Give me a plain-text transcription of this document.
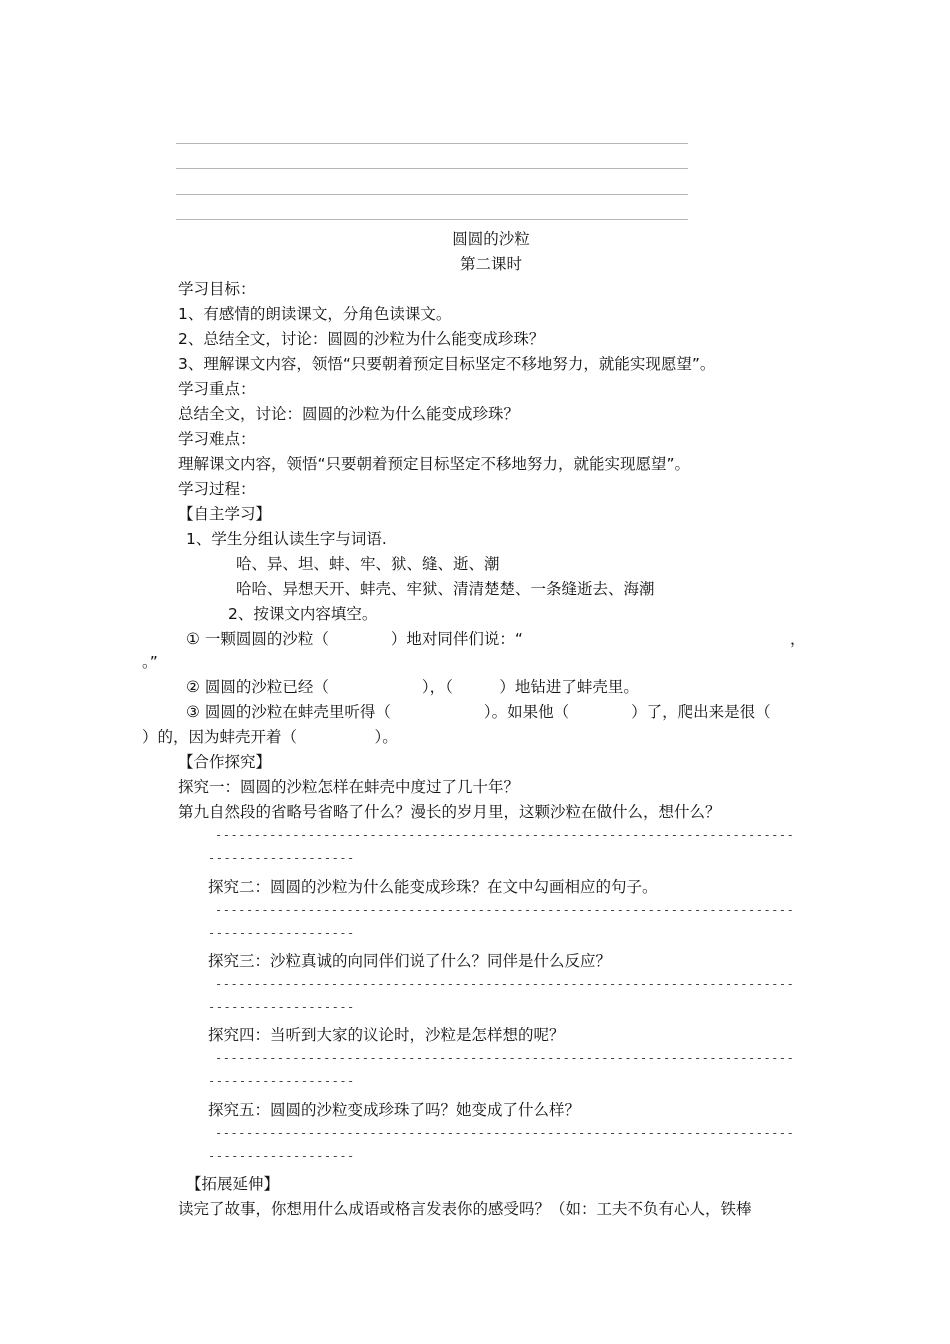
圆圆的沙粒
第二课时
学习目标：
1、有感情的朗读课文，分角色读课文。
2、总结全文，讨论：圆圆的沙粒为什么能变成珍珠？
3、理解课文内容，领悟“只要朝着预定目标坚定不移地努力，就能实现愿望”。
学习重点：
总结全文，讨论：圆圆的沙粒为什么能变成珍珠？
学习难点：
理解课文内容，领悟“只要朝着预定目标坚定不移地努力，就能实现愿望”。
学习过程：
【自主学习】
1、学生分组认读生字与词语.
哈、异、坦、蚌、牢、狱、缝、逝、潮
哈哈、异想天开、蚌壳、牢狱、清清楚楚、一条缝逝去、海潮
2、按课文内容填空。
① 一颗圆圆的沙粒（　　　　）地对同伴们说：“	，
。”
② 圆圆的沙粒已经（　　　　　　），（　　　）地钻进了蚌壳里。
③ 圆圆的沙粒在蚌壳里听得（　　　　　　）。如果他（　　　　）了，爬出来是很（
）的，因为蚌壳开着（　　　　　）。
【合作探究】
探究一：圆圆的沙粒怎样在蚌壳中度过了几十年？
第九自然段的省略号省略了什么？漫长的岁月里，这颗沙粒在做什么，想什么？
---------------------------------------------------------------------------
-------------------
探究二：圆圆的沙粒为什么能变成珍珠？在文中勾画相应的句子。
---------------------------------------------------------------------------
-------------------
探究三：沙粒真诚的向同伴们说了什么？同伴是什么反应？
---------------------------------------------------------------------------
-------------------
探究四：当听到大家的议论时，沙粒是怎样想的呢？
---------------------------------------------------------------------------
-------------------
探究五：圆圆的沙粒变成珍珠了吗？她变成了什么样？
---------------------------------------------------------------------------
-------------------
【拓展延伸】
读完了故事，你想用什么成语或格言发表你的感受吗？（如：工夫不负有心人，铁棒
